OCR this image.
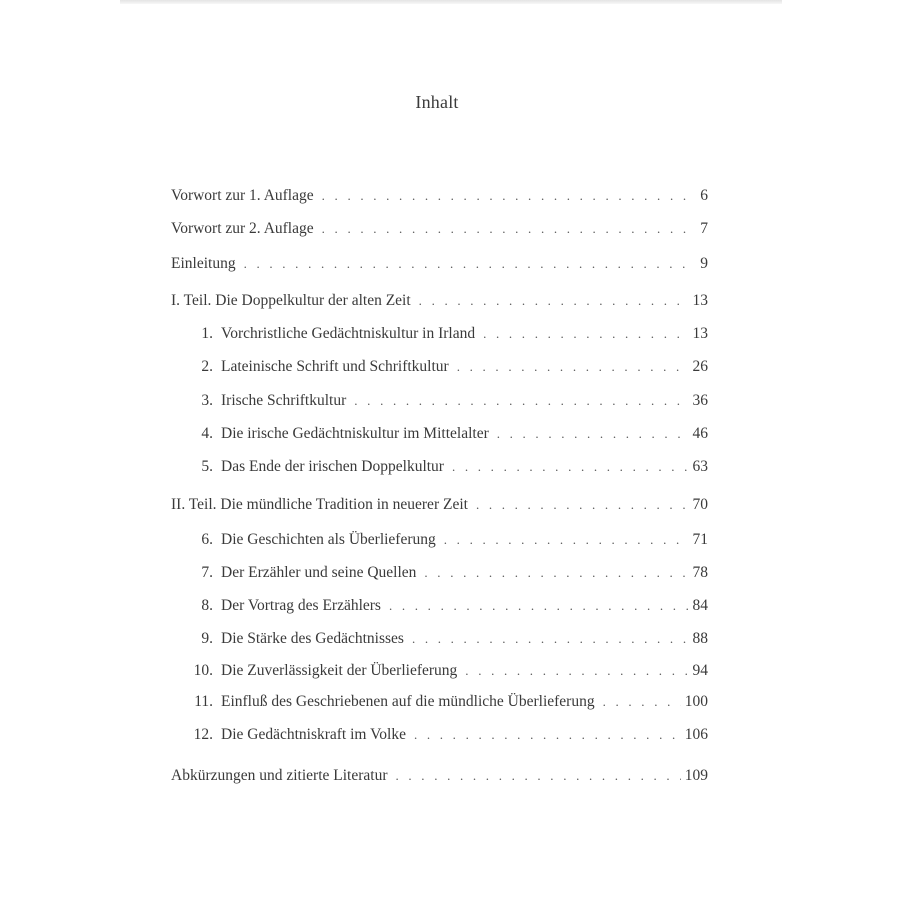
Inhalt
Vorwort zur 1. Auflage . . .	6
Vorwort zur 2. Auflage . . .	7
Einleitung . . .	9
I. Teil. Die Doppelkultur der alten Zeit . . .	13
1. Vorchristliche Gedächtniskultur in Irland . . .	13
2. Lateinische Schrift und Schriftkultur . . .	26
3. Irische Schriftkultur . . .	36
4. Die irische Gedächtniskultur im Mittelalter . . .	46
5. Das Ende der irischen Doppelkultur . . .	63
II. Teil. Die mündliche Tradition in neuerer Zeit . . .	70
6. Die Geschichten als Überlieferung . . .	71
7. Der Erzähler und seine Quellen . . .	78
8. Der Vortrag des Erzählers . . .	84
9. Die Stärke des Gedächtnisses . . .	88
10. Die Zuverlässigkeit der Überlieferung . . .	94
11. Einfluß des Geschriebenen auf die mündliche Überlieferung . . .	100
12. Die Gedächtniskraft im Volke . . .	106
Abkürzungen und zitierte Literatur . . .	109
